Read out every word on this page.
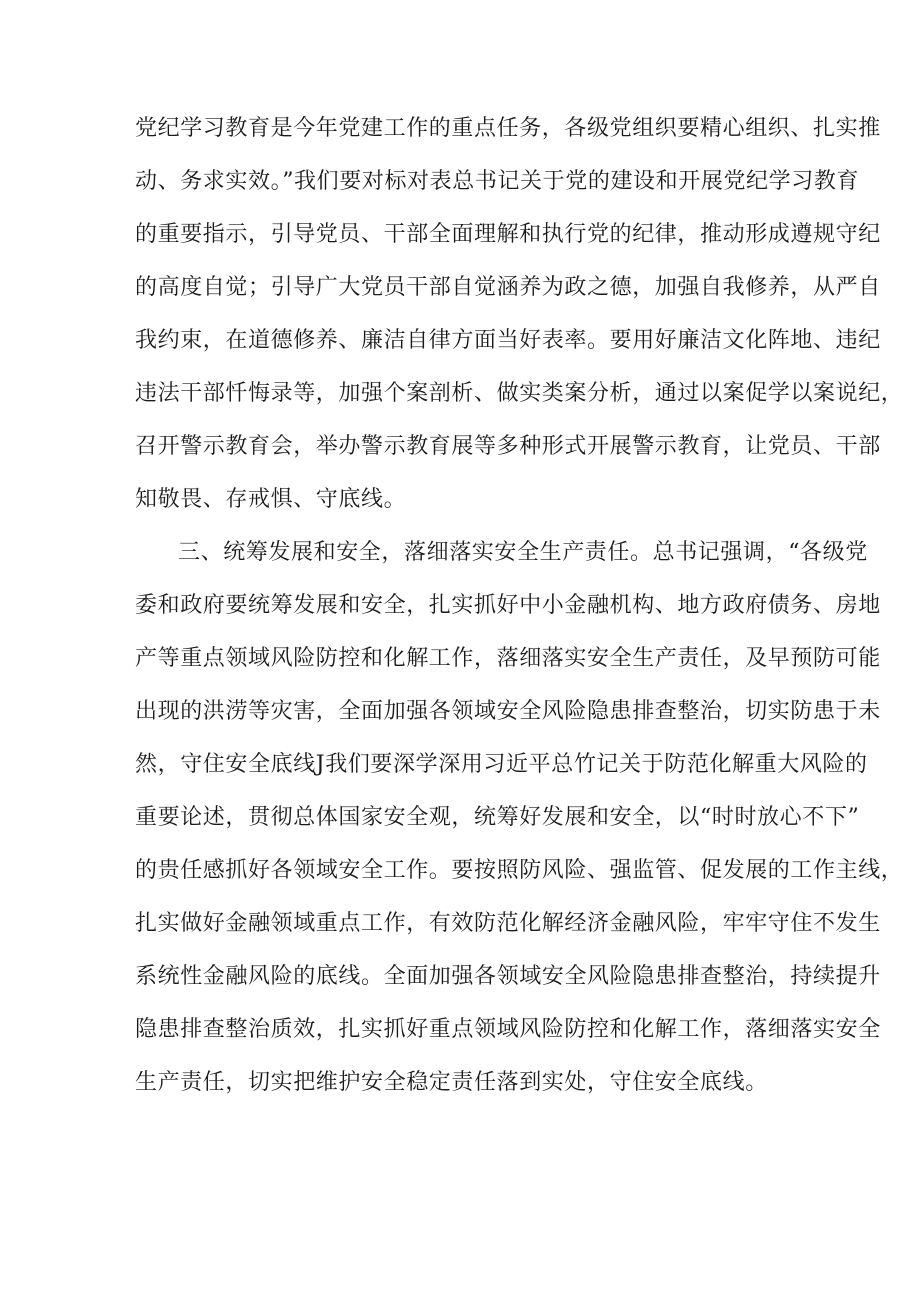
党纪学习教育是今年党建工作的重点任务，各级党组织要精心组织、扎实推
动、务求实效。”我们要对标对表总书记关于党的建设和开展党纪学习教育
的重要指示，引导党员、干部全面理解和执行党的纪律，推动形成遵规守纪
的高度自觉；引导广大党员干部自觉涵养为政之德，加强自我修养，从严自
我约束，在道德修养、廉洁自律方面当好表率。要用好廉洁文化阵地、违纪
违法干部忏悔录等，加强个案剖析、做实类案分析，通过以案促学以案说纪，
召开警示教育会，举办警示教育展等多种形式开展警示教育，让党员、干部
知敬畏、存戒惧、守底线。
三、统筹发展和安全，落细落实安全生产责任。总书记强调，“各级党
委和政府要统筹发展和安全，扎实抓好中小金融机构、地方政府债务、房地
产等重点领域风险防控和化解工作，落细落实安全生产责任，及早预防可能
出现的洪涝等灾害，全面加强各领域安全风险隐患排查整治，切实防患于未
然，守住安全底线J我们要深学深用习近平总竹记关于防范化解重大风险的
重要论述，贯彻总体国家安全观，统筹好发展和安全，以“时时放心不下”
的贵任感抓好各领域安全工作。要按照防风险、强监管、促发展的工作主线，
扎实做好金融领域重点工作，有效防范化解经济金融风险，牢牢守住不发生
系统性金融风险的底线。全面加强各领域安全风险隐患排查整治，持续提升
隐患排查整治质效，扎实抓好重点领域风险防控和化解工作，落细落实安全
生产责任，切实把维护安全稳定责任落到实处，守住安全底线。
